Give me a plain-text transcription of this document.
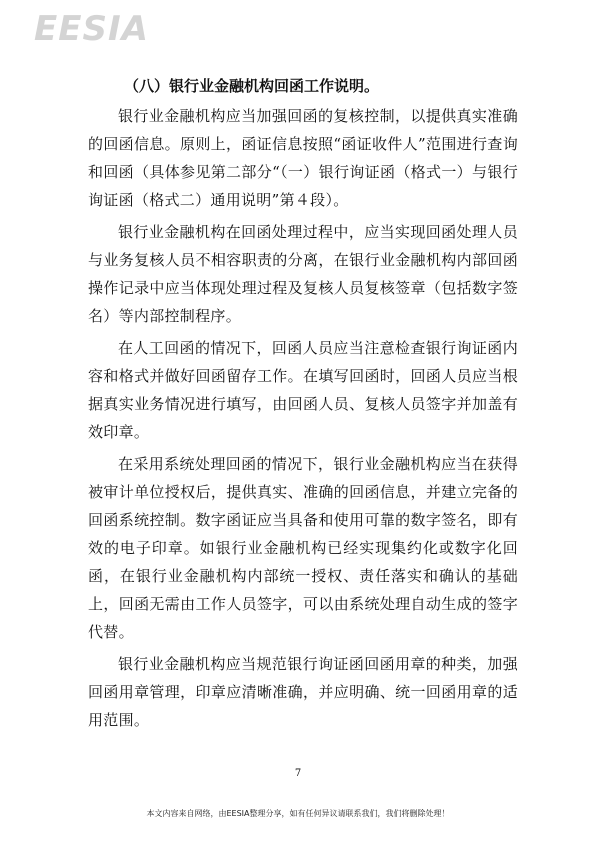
EESIA
（八）银行业金融机构回函工作说明。

银行业金融机构应当加强回函的复核控制，以提供真实准确的回函信息。原则上，函证信息按照“函证收件人”范围进行查询和回函（具体参见第二部分“（一）银行询证函（格式一）与银行询证函（格式二）通用说明”第４段）。

银行业金融机构在回函处理过程中，应当实现回函处理人员与业务复核人员不相容职责的分离，在银行业金融机构内部回函操作记录中应当体现处理过程及复核人员复核签章（包括数字签名）等内部控制程序。

在人工回函的情况下，回函人员应当注意检查银行询证函内容和格式并做好回函留存工作。在填写回函时，回函人员应当根据真实业务情况进行填写，由回函人员、复核人员签字并加盖有效印章。

在采用系统处理回函的情况下，银行业金融机构应当在获得被审计单位授权后，提供真实、准确的回函信息，并建立完备的回函系统控制。数字函证应当具备和使用可靠的数字签名，即有效的电子印章。如银行业金融机构已经实现集约化或数字化回函，在银行业金融机构内部统一授权、责任落实和确认的基础上，回函无需由工作人员签字，可以由系统处理自动生成的签字代替。

银行业金融机构应当规范银行询证函回函用章的种类，加强回函用章管理，印章应清晰准确，并应明确、统一回函用章的适用范围。

7
本文内容来自网络，由EESIA整理分享，如有任何异议请联系我们，我们将删除处理！
